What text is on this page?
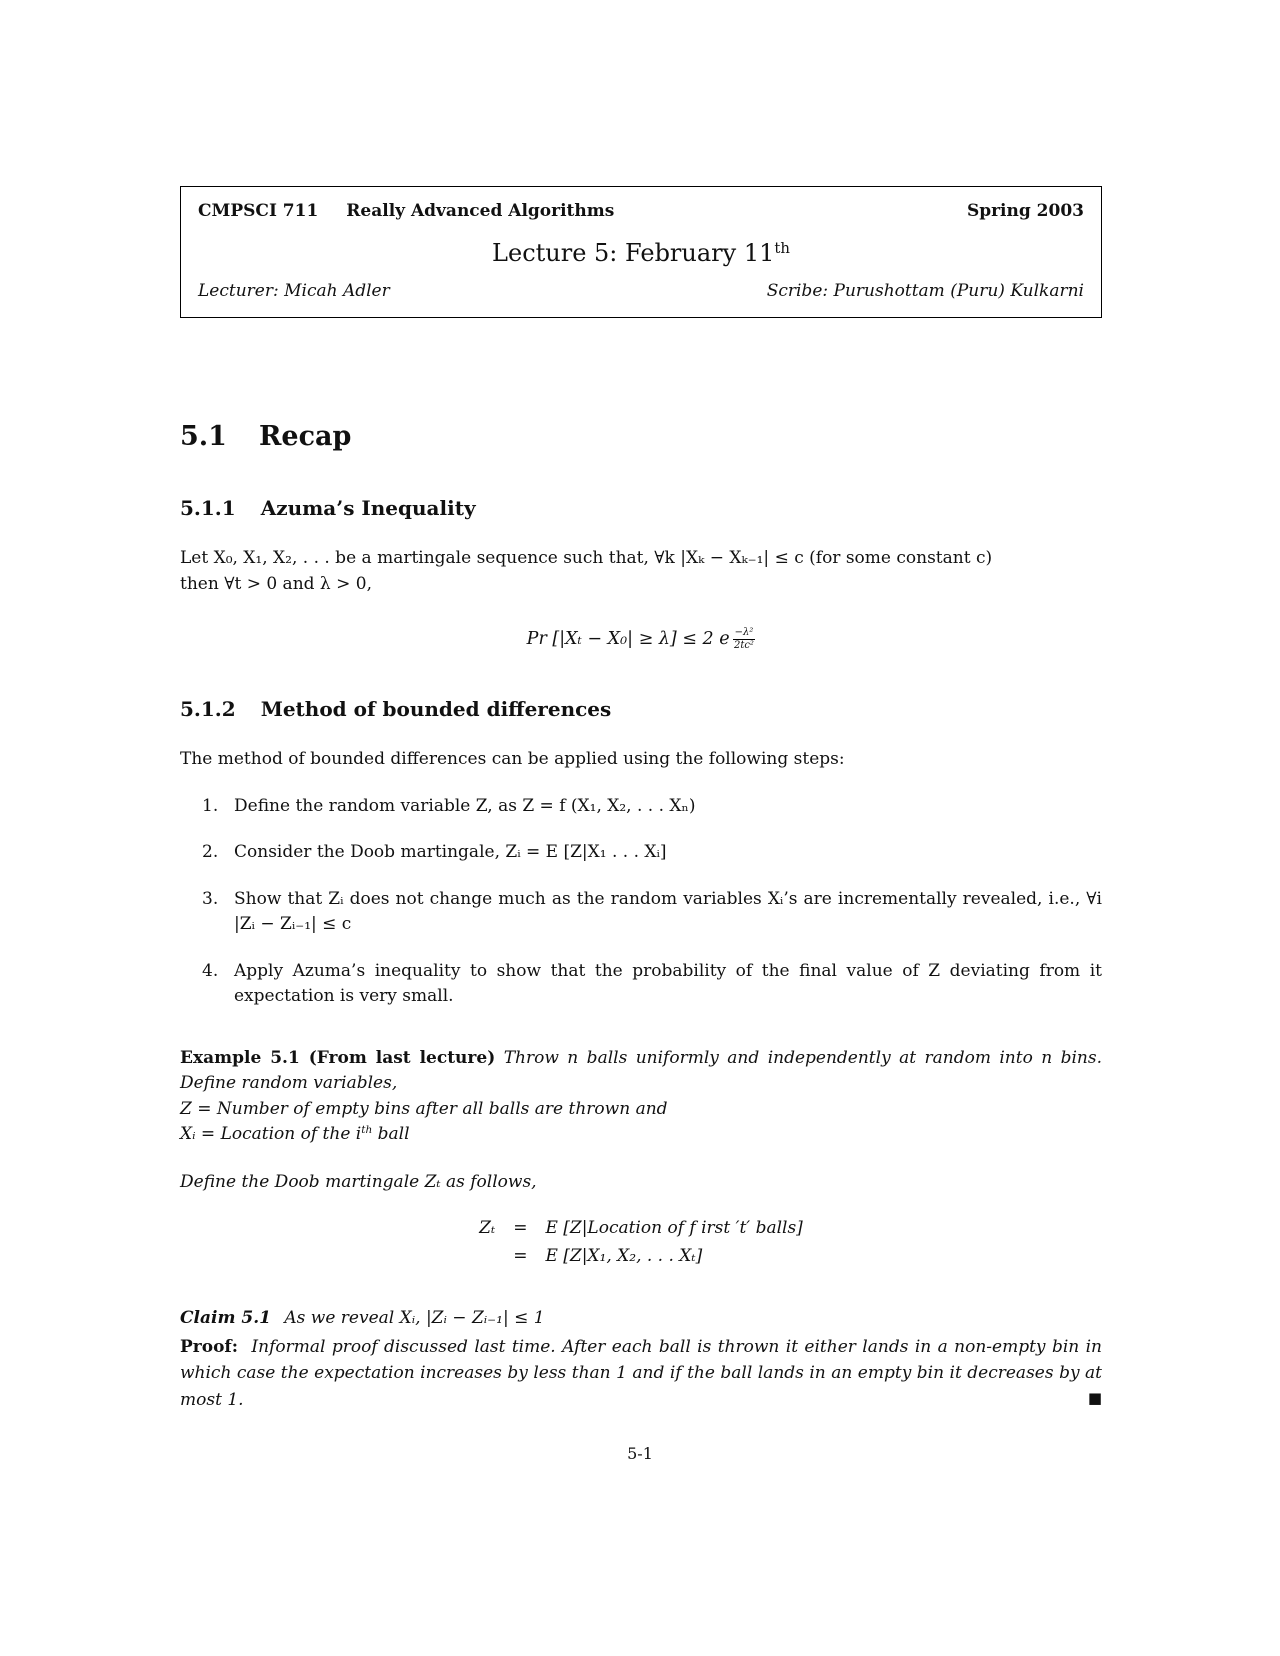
CMPSCI 711 Really Advanced Algorithms	Spring 2003
Lecture 5: February 11th
Lecturer: Micah Adler	Scribe: Purushottam (Puru) Kulkarni
5.1 Recap
5.1.1 Azuma’s Inequality
Let X₀, X₁, X₂, . . . be a martingale sequence such that, ∀k |Xₖ − Xₖ₋₁| ≤ c (for some constant c)
then ∀t > 0 and λ > 0,
Pr [|Xₜ − X₀| ≥ λ] ≤ 2 e $\frac{\text{−λ²}}{\text{2tc²}}$
5.1.2 Method of bounded differences
The method of bounded differences can be applied using the following steps:
1. Define the random variable Z, as Z = f (X₁, X₂, . . . Xₙ)
2. Consider the Doob martingale, Zᵢ = E [Z|X₁ . . . Xᵢ]
3. Show that Zᵢ does not change much as the random variables Xᵢ’s are incrementally revealed, i.e., ∀i |Zᵢ − Zᵢ₋₁| ≤ c
4. Apply Azuma’s inequality to show that the probability of the final value of Z deviating from it expectation is very small.
Example 5.1 (From last lecture) Throw n balls uniformly and independently at random into n bins. Define random variables,
Z = Number of empty bins after all balls are thrown and
Xᵢ = Location of the $i^{th}$ ball
Define the Doob martingale Zₜ as follows,
Zₜ = E [Z|Location of f irst ′t′ balls]
= E [Z|X₁, X₂, . . . Xₜ]
Claim 5.1 As we reveal Xᵢ, |Zᵢ − Zᵢ₋₁| ≤ 1
Proof: Informal proof discussed last time. After each ball is thrown it either lands in a non-empty bin in which case the expectation increases by less than 1 and if the ball lands in an empty bin it decreases by at most 1.	■
5-1
